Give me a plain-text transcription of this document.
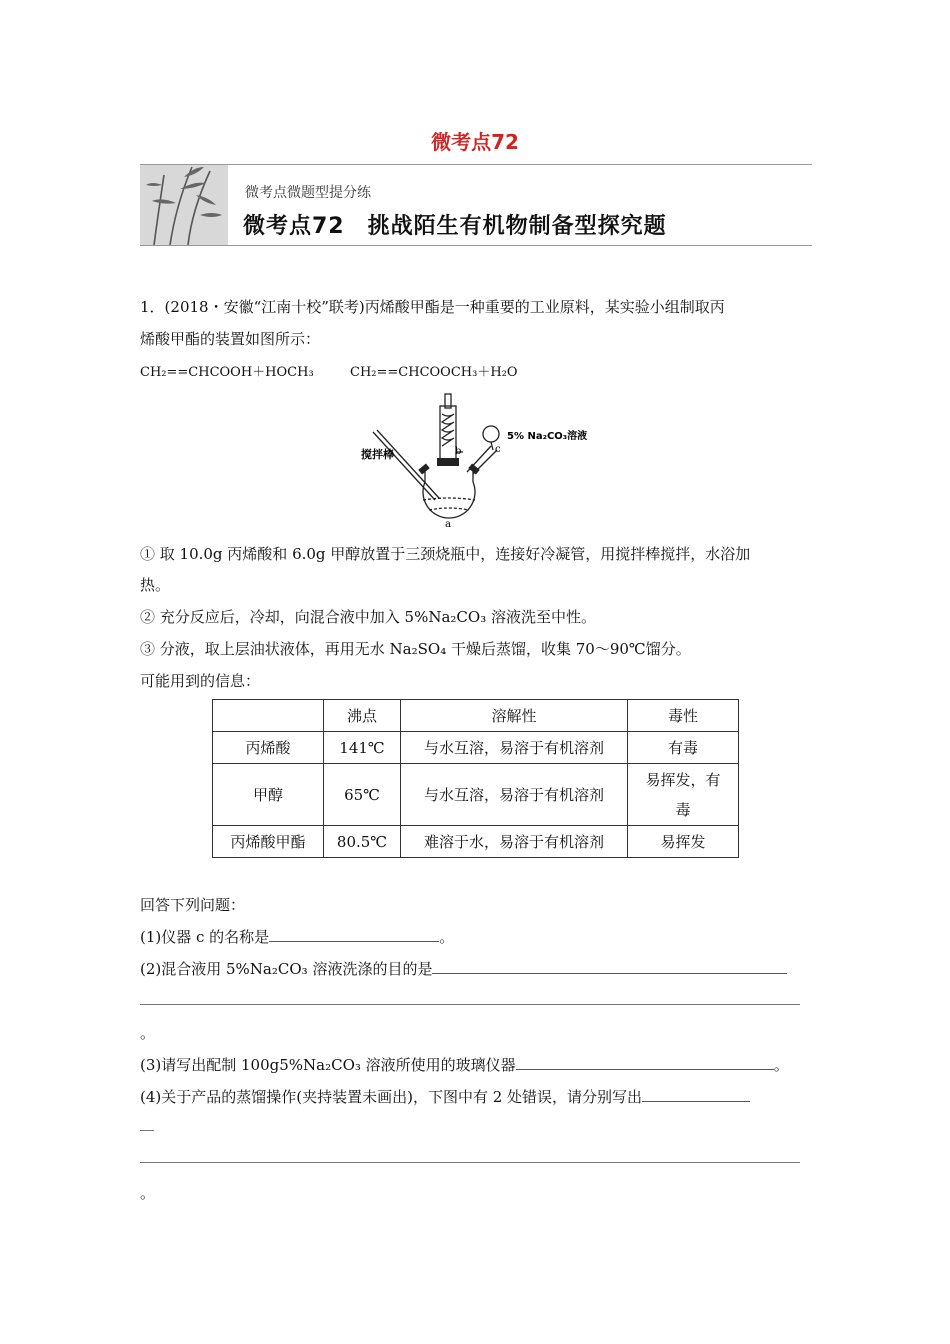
微考点72
微考点微题型提分练
微考点72　挑战陌生有机物制备型探究题
1．(2018・安徽“江南十校”联考)丙烯酸甲酯是一种重要的工业原料，某实验小组制取丙
烯酸甲酯的装置如图所示：
CH₂==CHCOOH＋HOCH₃	CH₂==CHCOOCH₃＋H₂O
搅拌棒	b	c
a
5% Na₂CO₃溶液
① 取 10.0g 丙烯酸和 6.0g 甲醇放置于三颈烧瓶中，连接好冷凝管，用搅拌棒搅拌，水浴加
热。
② 充分反应后，冷却，向混合液中加入 5%Na₂CO₃ 溶液洗至中性。
③ 分液，取上层油状液体，再用无水 Na₂SO₄ 干燥后蒸馏，收集 70～90℃馏分。
可能用到的信息：
	沸点	溶解性	毒性
丙烯酸	141℃	与水互溶，易溶于有机溶剂	有毒
甲醇	65℃	与水互溶，易溶于有机溶剂	易挥发，有毒
丙烯酸甲酯	80.5℃	难溶于水，易溶于有机溶剂	易挥发
回答下列问题：
(1)仪器 c 的名称是	。
(2)混合液用 5%Na₂CO₃ 溶液洗涤的目的是
。
(3)请写出配制 100g5%Na₂CO₃ 溶液所使用的玻璃仪器	。
(4)关于产品的蒸馏操作(夹持装置未画出)，下图中有 2 处错误，请分别写出
。
